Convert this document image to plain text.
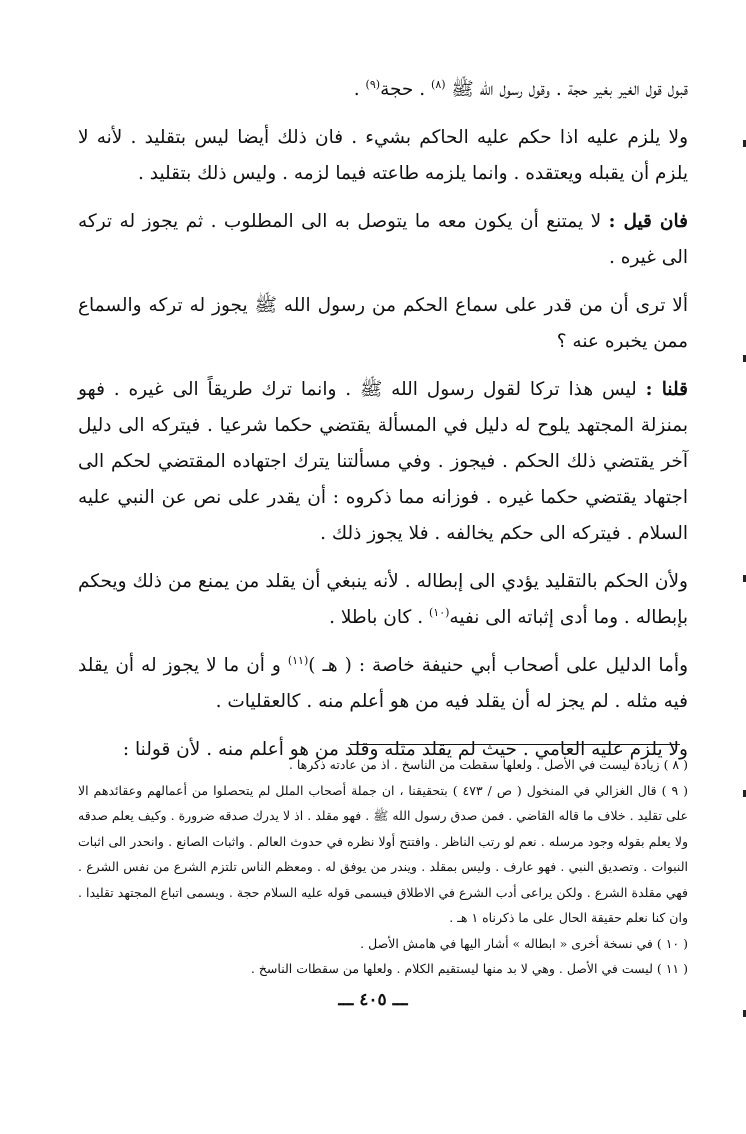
قبول قول الغير بغير حجة . وقول رسول الله ﷺ $^{(٨)}$ . حجة$^{(٩)}$ .

ولا يلزم عليه اذا حكم عليه الحاكم بشيء . فان ذلك أيضا ليس بتقليد . لأنه لا يلزم أن يقبله ويعتقده . وانما يلزمه طاعته فيما لزمه . وليس ذلك بتقليد .

فان قيل : لا يمتنع أن يكون معه ما يتوصل به الى المطلوب . ثم يجوز له تركه الى غيره .

ألا ترى أن من قدر على سماع الحكم من رسول الله ﷺ يجوز له تركه والسماع ممن يخبره عنه ؟

قلنا : ليس هذا تركا لقول رسول الله ﷺ . وانما ترك طريقاً الى غيره . فهو بمنزلة المجتهد يلوح له دليل في المسألة يقتضي حكما شرعيا . فيتركه الى دليل آخر يقتضي ذلك الحكم . فيجوز . وفي مسألتنا يترك اجتهاده المقتضي لحكم الى اجتهاد يقتضي حكما غيره . فوزانه مما ذكروه : أن يقدر على نص عن النبي عليه السلام . فيتركه الى حكم يخالفه . فلا يجوز ذلك .

ولأن الحكم بالتقليد يؤدي الى إبطاله . لأنه ينبغي أن يقلد من يمنع من ذلك ويحكم بإبطاله . وما أدى إثباته الى نفيه$^{(١٠)}$ . كان باطلا .

وأما الدليل على أصحاب أبي حنيفة خاصة : ( هـ )$^{(١١)}$ و أن ما لا يجوز له أن يقلد فيه مثله . لم يجز له أن يقلد فيه من هو أعلم منه . كالعقليات .

ولا يلزم عليه العامي . حيث لم يقلد مثله وقلد من هو أعلم منه . لأن قولنا :

( ٨ ) زيادة ليست في الأصل . ولعلها سقطت من الناسخ . اذ من عادته ذكرها .

( ٩ ) قال الغزالي في المنخول ( ص / ٤٧٣ ) بتحقيقنا ، ان جملة أصحاب الملل لم يتحصلوا من أعمالهم وعقائدهم الا على تقليد . خلاف ما قاله القاضي . فمن صدق رسول الله ﷺ . فهو مقلد . اذ لا يدرك صدقه ضرورة . وكيف يعلم صدقه ولا يعلم بقوله وجود مرسله . نعم لو رتب الناظر . وافتتح أولا نظره في حدوث العالم . واثبات الصانع . وانحدر الى اثبات النبوات . وتصديق النبي . فهو عارف . وليس بمقلد . ويندر من يوفق له . ومعظم الناس تلتزم الشرع من نفس الشرع . فهي مقلدة الشرع . ولكن يراعى أدب الشرع في الاطلاق فيسمى قوله عليه السلام حجة . ويسمى اتباع المجتهد تقليدا . وان كنا نعلم حقيقة الحال على ما ذكرناه ١ هـ .

( ١٠ ) في نسخة أخرى « ابطاله » أشار اليها في هامش الأصل .

( ١١ ) ليست في الأصل . وهي لا بد منها ليستقيم الكلام . ولعلها من سقطات الناسخ .

ـــ ٤٠٥ ـــ
